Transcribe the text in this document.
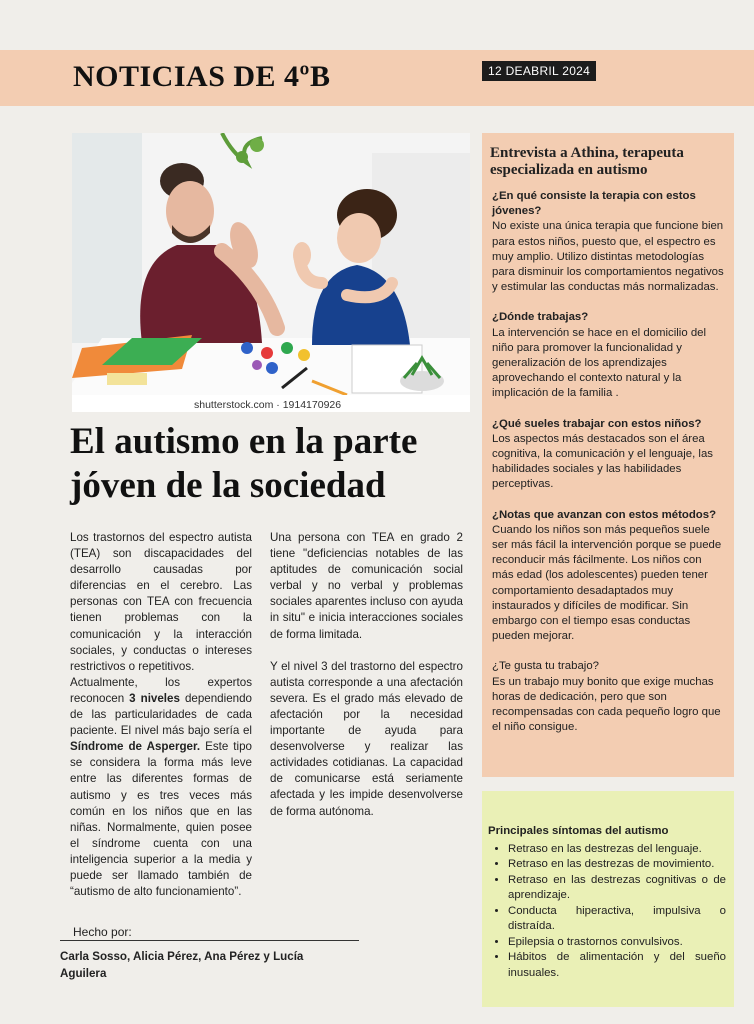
NOTICIAS DE 4ºB	12 DEABRIL 2024
shutterstock.com · 1914170926
El autismo en la parte
jóven de la sociedad

Los trastornos del espectro autista (TEA) son discapacidades del desarrollo causadas por diferencias en el cerebro. Las personas con TEA con frecuencia tienen problemas con la comunicación y la interacción sociales, y conductas o intereses restrictivos o repetitivos.

Actualmente, los expertos reconocen 3 niveles dependiendo de las particularidades de cada paciente. El nivel más bajo sería el Síndrome de Asperger. Este tipo se considera la forma más leve entre las diferentes formas de autismo y es tres veces más común en los niños que en las niñas. Normalmente, quien posee el síndrome cuenta con una inteligencia superior a la media y puede ser llamado también de “autismo de alto funcionamiento”.

Una persona con TEA en grado 2 tiene "deficiencias notables de las aptitudes de comunicación social verbal y no verbal y problemas sociales aparentes incluso con ayuda in situ" e inicia interacciones sociales de forma limitada.

Y el nivel 3 del trastorno del espectro autista corresponde a una afectación severa. Es el grado más elevado de afectación por la necesidad importante de ayuda para desenvolverse y realizar las actividades cotidianas. La capacidad de comunicarse está seriamente afectada y les impide desenvolverse de forma autónoma.

Hecho por:
Carla Sosso, Alicia Pérez, Ana Pérez y Lucía Aguilera
Entrevista a Athina, terapeuta especializada en autismo
¿En qué consiste la terapia con estos jóvenes?
No existe una única terapia que funcione bien para estos niños, puesto que, el espectro es muy amplio. Utilizo distintas metodologías para disminuir los comportamientos negativos y estimular las conductas más normalizadas.
¿Dónde trabajas?
La intervención se hace en el domicilio del niño para promover la funcionalidad y generalización de los aprendizajes aprovechando el contexto natural y la implicación de la familia .
¿Qué sueles trabajar con estos niños?
Los aspectos más destacados son el área cognitiva, la comunicación y el lenguaje, las habilidades sociales y las habilidades perceptivas.
¿Notas que avanzan con estos métodos?
Cuando los niños son más pequeños suele ser más fácil la intervención porque se puede reconducir más fácilmente. Los niños con más edad (los adolescentes) pueden tener comportamiento desadaptados muy instaurados y difíciles de modificar. Sin embargo con el tiempo esas conductas pueden mejorar.
¿Te gusta tu trabajo?
Es un trabajo muy bonito que exige muchas horas de dedicación, pero que son recompensadas con cada pequeño logro que el niño consigue.
Principales síntomas del autismo
• Retraso en las destrezas del lenguaje.
• Retraso en las destrezas de movimiento.
• Retraso en las destrezas cognitivas o de aprendizaje.
• Conducta hiperactiva, impulsiva o distraída.
• Epilepsia o trastornos convulsivos.
• Hábitos de alimentación y del sueño inusuales.
